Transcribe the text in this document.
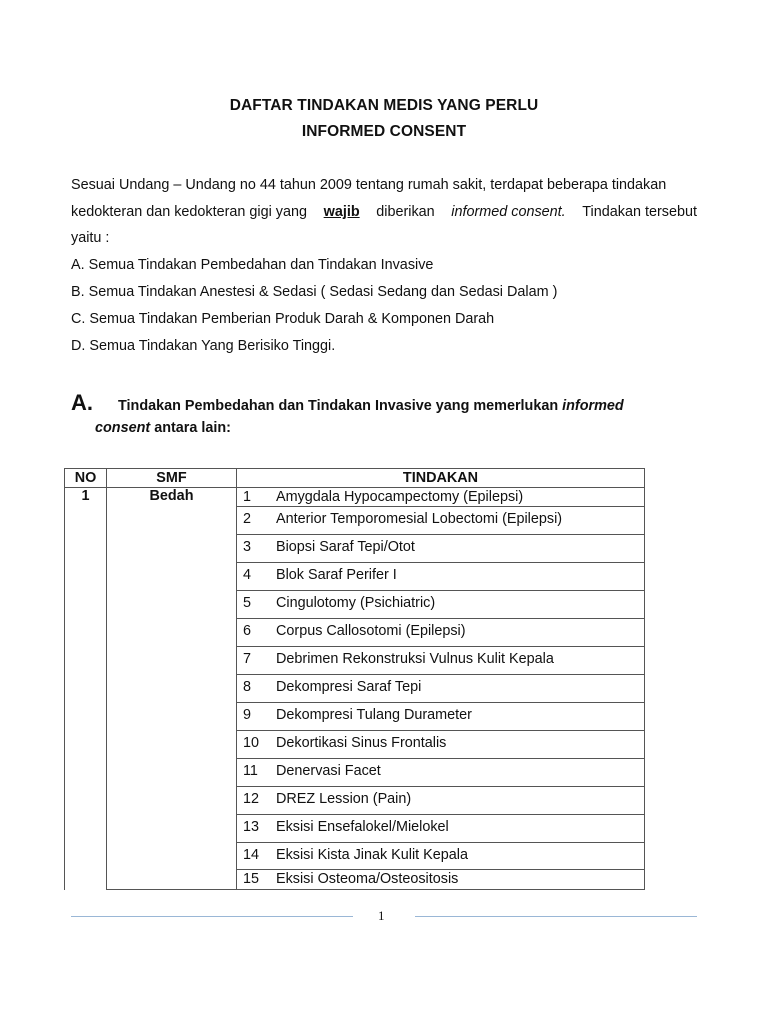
DAFTAR TINDAKAN MEDIS YANG PERLU
INFORMED CONSENT
Sesuai Undang – Undang no 44 tahun 2009 tentang rumah sakit, terdapat beberapa tindakan
kedokteran dan kedokteran gigi yang wajib diberikan informed consent. Tindakan tersebut
yaitu :
A. Semua Tindakan Pembedahan dan Tindakan Invasive
B. Semua Tindakan Anestesi & Sedasi ( Sedasi Sedang dan Sedasi Dalam )
C. Semua Tindakan Pemberian Produk Darah & Komponen Darah
D. Semua Tindakan Yang Berisiko Tinggi.
A. Tindakan Pembedahan dan Tindakan Invasive yang memerlukan informed
consent antara lain:
NO	SMF	TINDAKAN	
1	Bedah	1	Amygdala Hypocampectomy (Epilepsi)
		2	Anterior Temporomesial Lobectomi (Epilepsi)
		3	Biopsi Saraf Tepi/Otot
		4	Blok Saraf Perifer I
		5	Cingulotomy (Psichiatric)
		6	Corpus Callosotomi (Epilepsi)
		7	Debrimen Rekonstruksi Vulnus Kulit Kepala
		8	Dekompresi Saraf Tepi
		9	Dekompresi Tulang Durameter
		10	Dekortikasi Sinus Frontalis
		11	Denervasi Facet
		12	DREZ Lession (Pain)
		13	Eksisi Ensefalokel/Mielokel
		14	Eksisi Kista Jinak Kulit Kepala
		15	Eksisi Osteoma/Osteositosis
1
